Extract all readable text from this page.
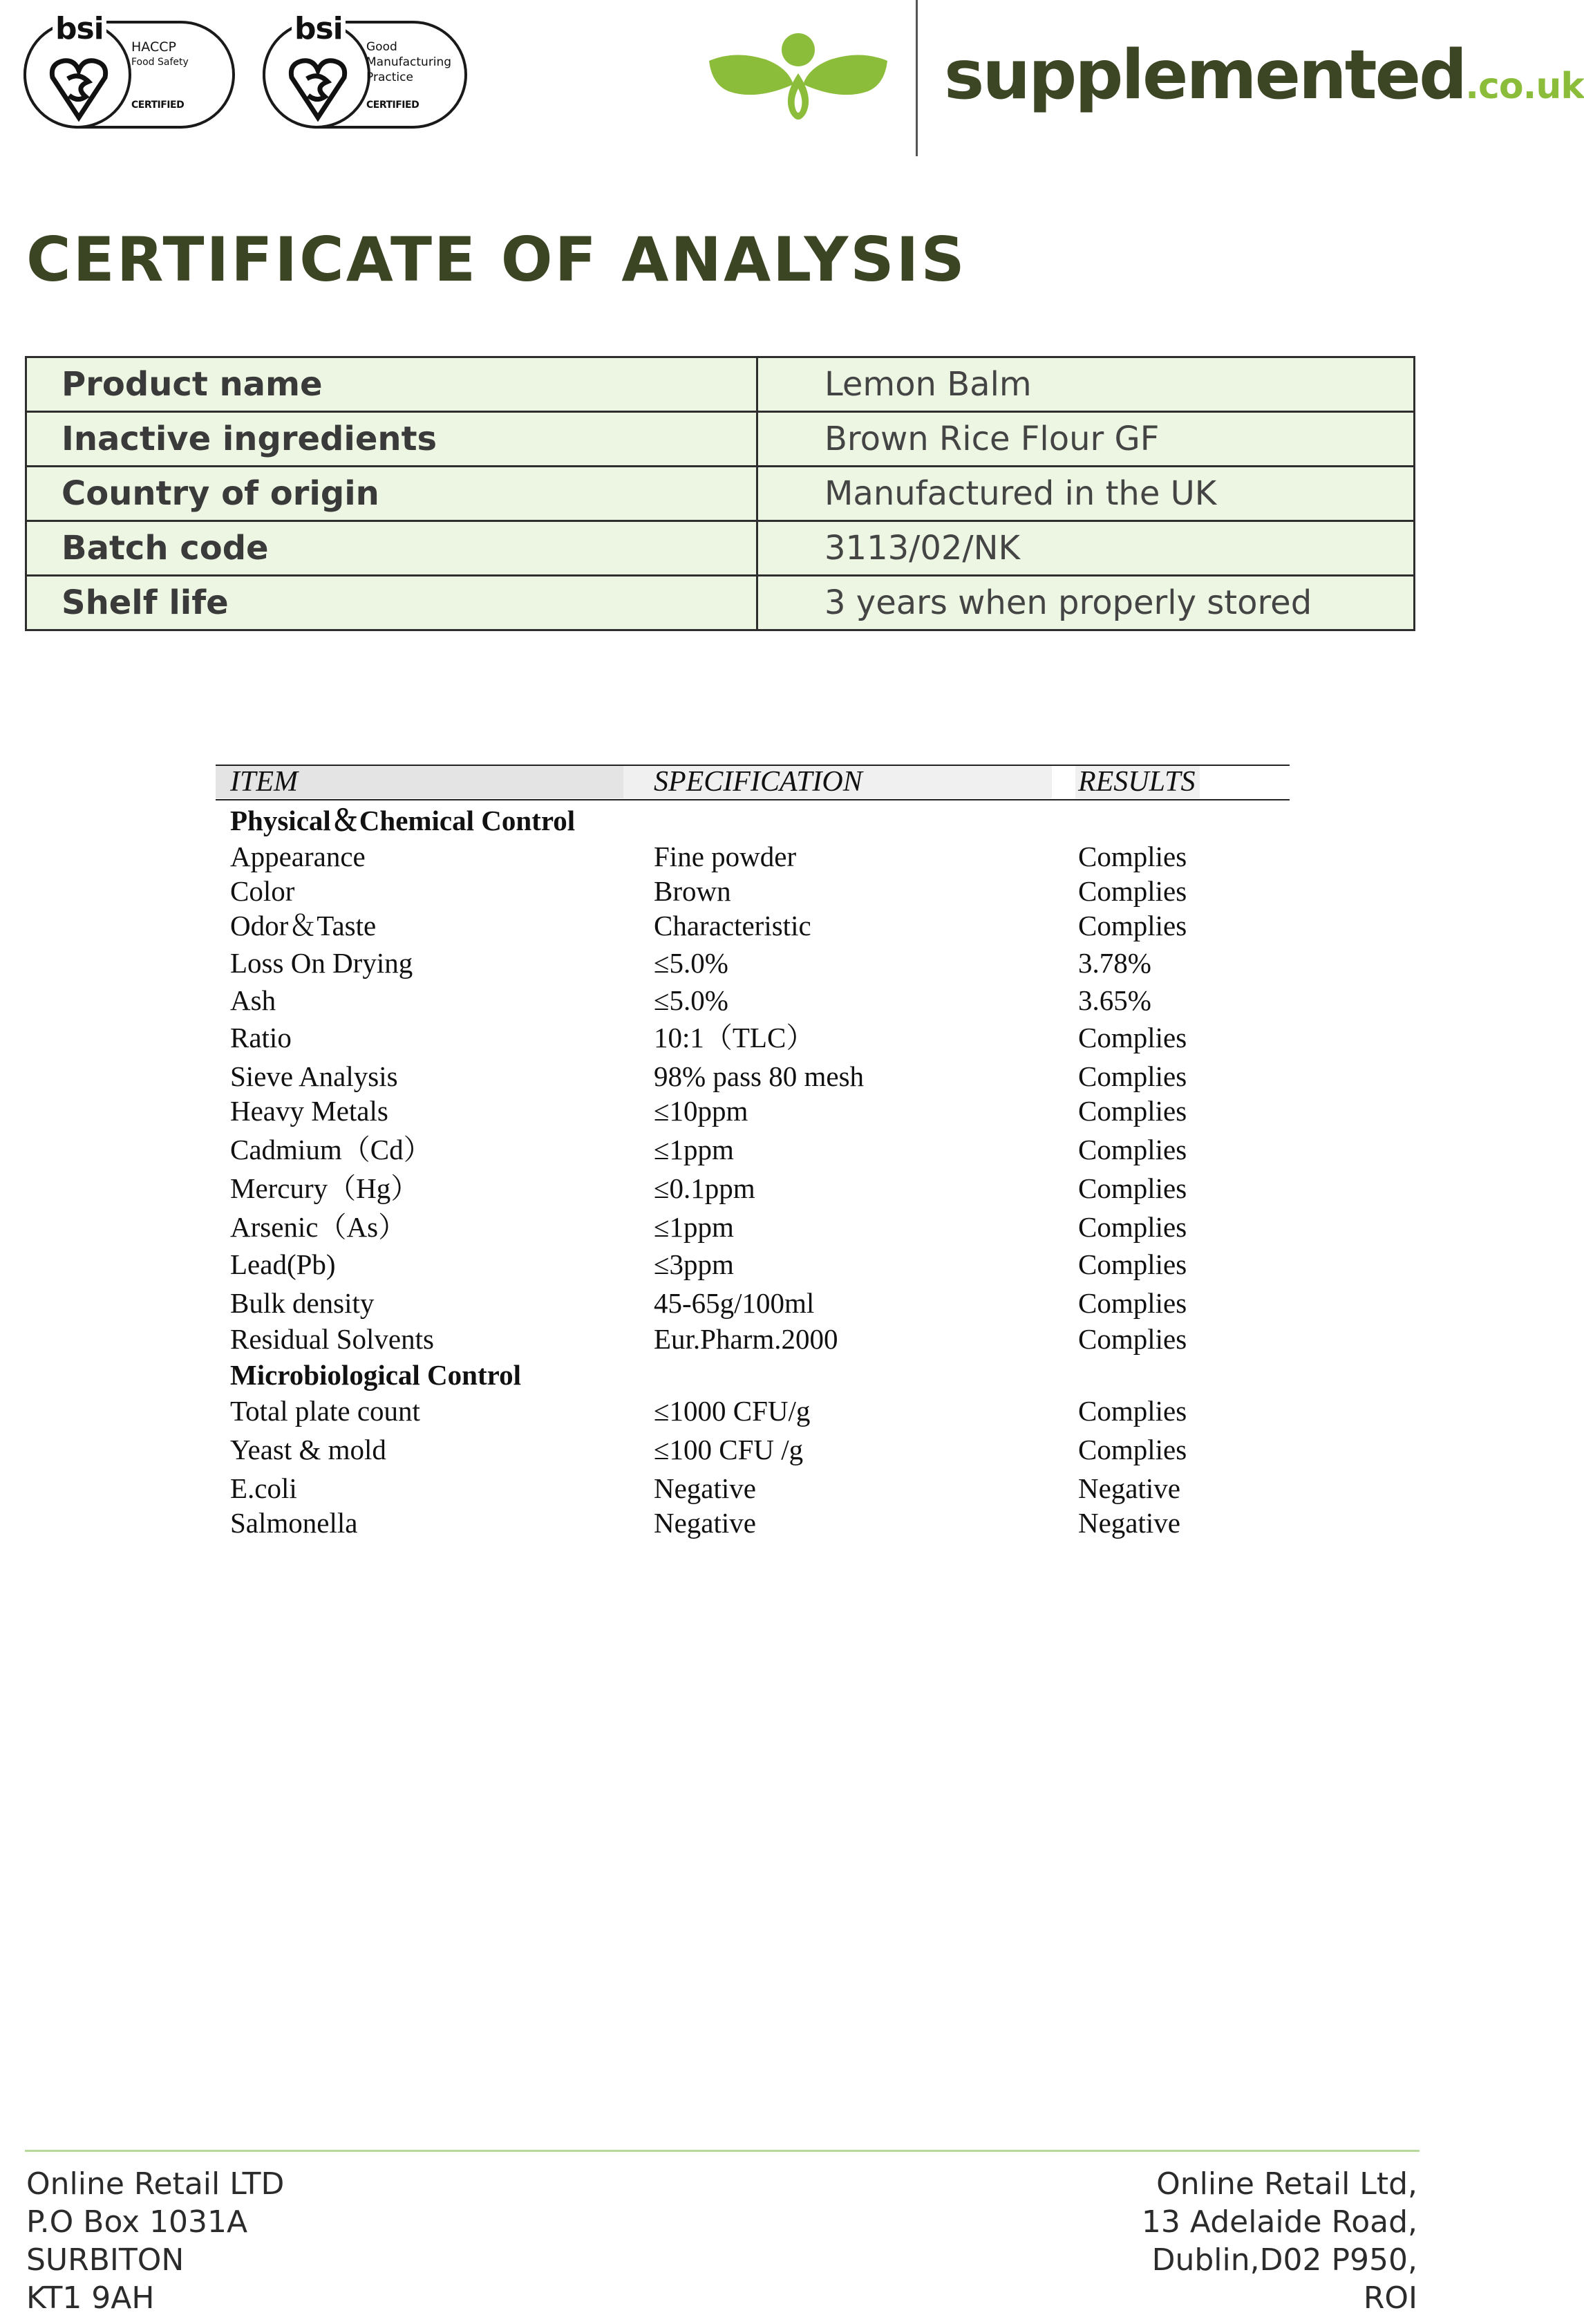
bsi
HACCP
Food Safety
CERTIFIED
bsi
Good
Manufacturing
Practice
CERTIFIED	supplemented.co.uk
CERTIFICATE OF ANALYSIS
Product name	Lemon Balm
Inactive ingredients	Brown Rice Flour GF
Country of origin	Manufactured in the UK
Batch code	3113/02/NK
Shelf life	3 years when properly stored
ITEM	SPECIFICATION	RESULTS
Physical＆Chemical Control
Appearance	Fine powder	Complies
Color	Brown	Complies
Odor＆Taste	Characteristic	Complies
Loss On Drying	≤5.0%	3.78%
Ash	≤5.0%	3.65%
Ratio	10:1（TLC）	Complies
Sieve Analysis	98% pass 80 mesh	Complies
Heavy Metals	≤10ppm	Complies
Cadmium（Cd）	≤1ppm	Complies
Mercury（Hg）	≤0.1ppm	Complies
Arsenic（As）	≤1ppm	Complies
Lead(Pb)	≤3ppm	Complies
Bulk density	45-65g/100ml	Complies
Residual Solvents	Eur.Pharm.2000	Complies
Microbiological Control
Total plate count	≤1000 CFU/g	Complies
Yeast & mold	≤100 CFU /g	Complies
E.coli	Negative	Negative
Salmonella	Negative	Negative
Online Retail LTD
P.O Box 1031A
SURBITON
KT1 9AH
Online Retail Ltd,
13 Adelaide Road,
Dublin,D02 P950,
ROI
